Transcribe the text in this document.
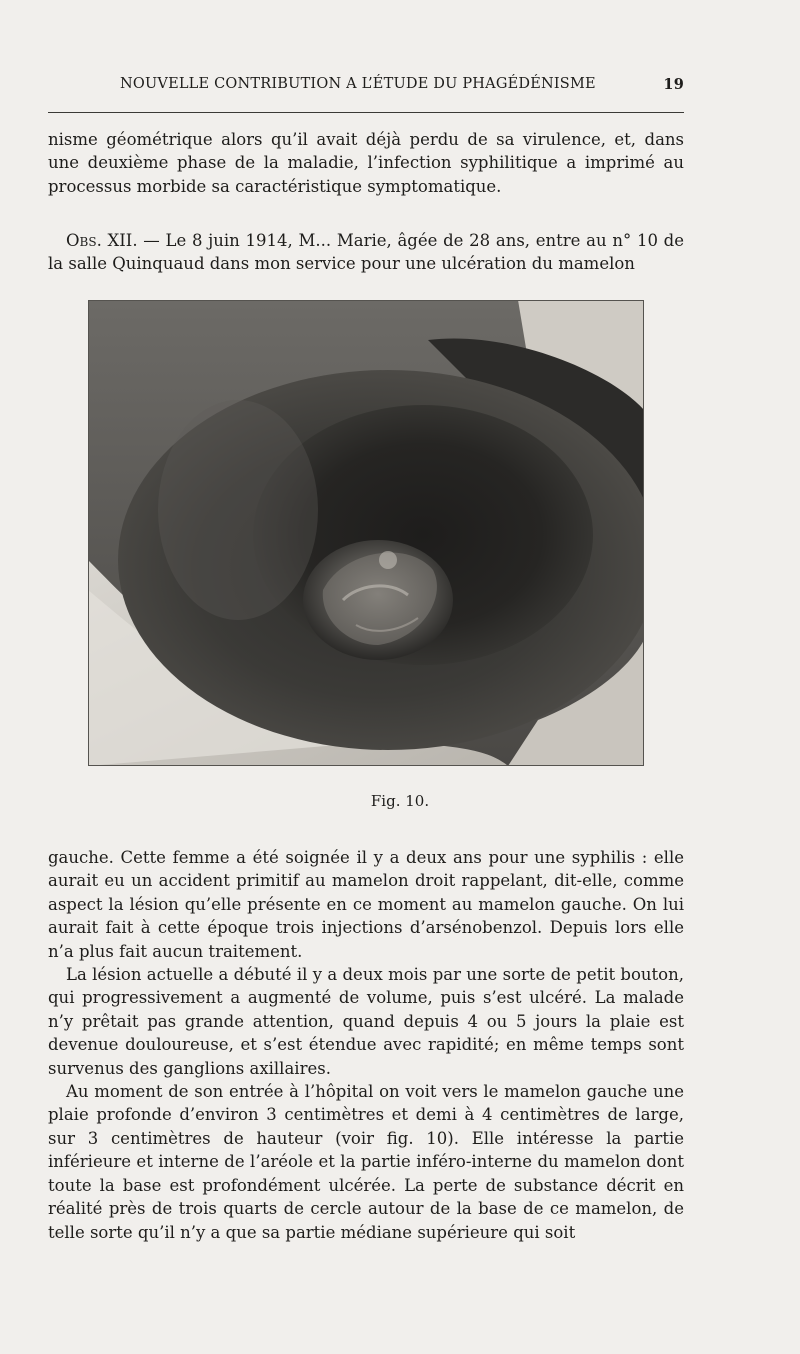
NOUVELLE CONTRIBUTION A L’ÉTUDE DU PHAGÉDÉNISME	19

nisme géométrique alors qu’il avait déjà perdu de sa virulence, et, dans une deuxième phase de la maladie, l’infection syphilitique a imprimé au processus morbide sa caractéristique symptomatique.

Obs. XII. — Le 8 juin 1914, M... Marie, âgée de 28 ans, entre au n° 10 de la salle Quinquaud dans mon service pour une ulcération du mamelon

Fig. 10.

gauche. Cette femme a été soignée il y a deux ans pour une syphilis : elle aurait eu un accident primitif au mamelon droit rappelant, dit-elle, comme aspect la lésion qu’elle présente en ce moment au mamelon gauche. On lui aurait fait à cette époque trois injections d’arsénobenzol. Depuis lors elle n’a plus fait aucun traitement.

La lésion actuelle a débuté il y a deux mois par une sorte de petit bouton, qui progressivement a augmenté de volume, puis s’est ulcéré. La malade n’y prêtait pas grande attention, quand depuis 4 ou 5 jours la plaie est devenue douloureuse, et s’est étendue avec rapidité; en même temps sont survenus des ganglions axillaires.

Au moment de son entrée à l’hôpital on voit vers le mamelon gauche une plaie profonde d’environ 3 centimètres et demi à 4 centimètres de large, sur 3 centimètres de hauteur (voir fig. 10). Elle intéresse la partie inférieure et interne de l’aréole et la partie inféro-interne du mamelon dont toute la base est profondément ulcérée. La perte de substance décrit en réalité près de trois quarts de cercle autour de la base de ce mamelon, de telle sorte qu’il n’y a que sa partie médiane supérieure qui soit
